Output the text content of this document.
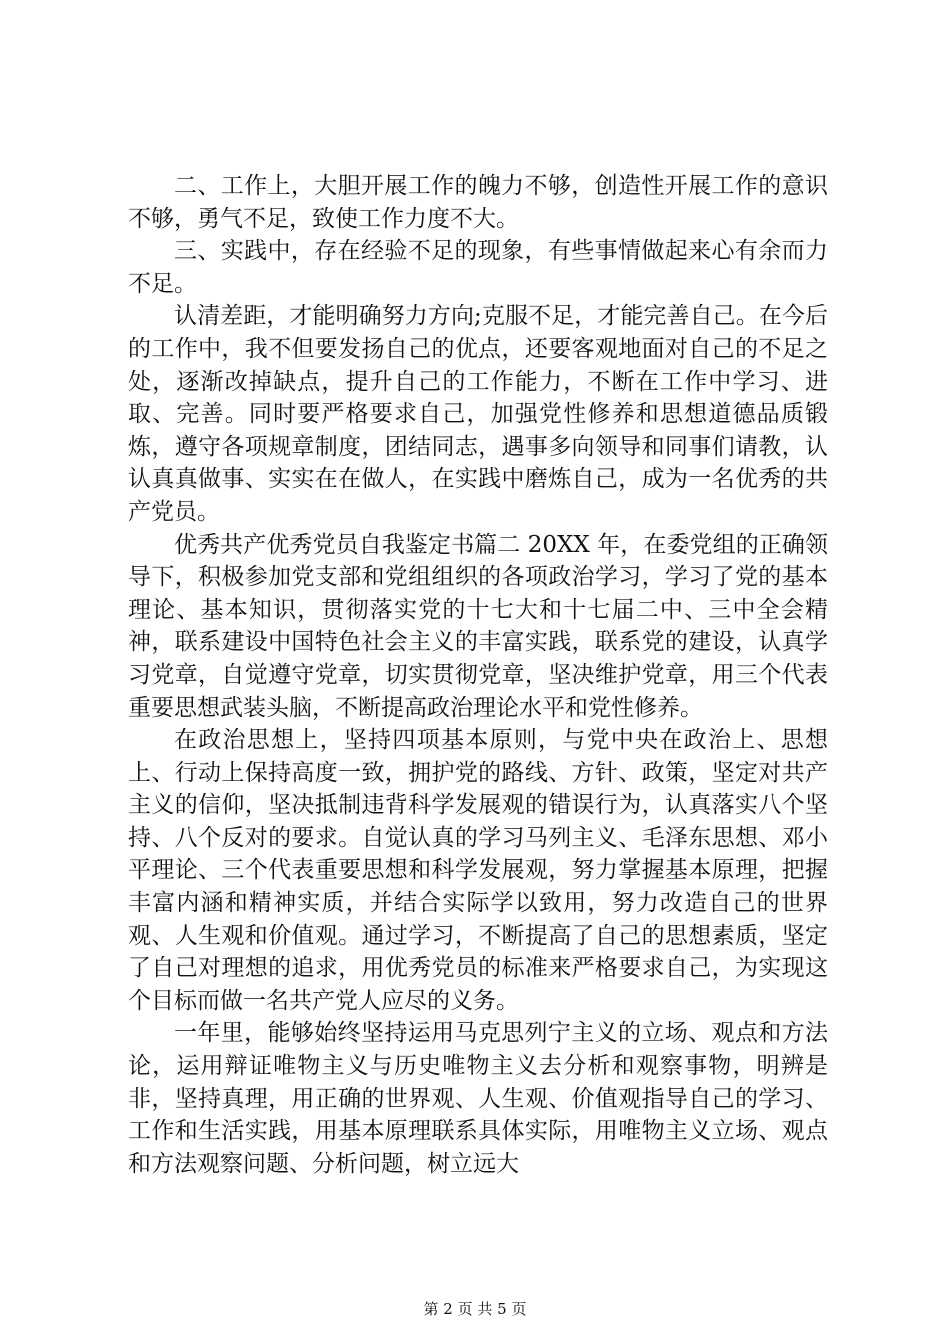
二、工作上，大胆开展工作的魄力不够，创造性开展工作的意识不够，勇气不足，致使工作力度不大。

三、实践中，存在经验不足的现象，有些事情做起来心有余而力不足。

认清差距，才能明确努力方向;克服不足，才能完善自己。在今后的工作中，我不但要发扬自己的优点，还要客观地面对自己的不足之处，逐渐改掉缺点，提升自己的工作能力，不断在工作中学习、进取、完善。同时要严格要求自己，加强党性修养和思想道德品质锻炼，遵守各项规章制度，团结同志，遇事多向领导和同事们请教，认认真真做事、实实在在做人，在实践中磨炼自己，成为一名优秀的共产党员。

优秀共产优秀党员自我鉴定书篇二 20XX 年，在委党组的正确领导下，积极参加党支部和党组组织的各项政治学习，学习了党的基本理论、基本知识，贯彻落实党的十七大和十七届二中、三中全会精神，联系建设中国特色社会主义的丰富实践，联系党的建设，认真学习党章，自觉遵守党章，切实贯彻党章，坚决维护党章，用三个代表重要思想武装头脑，不断提高政治理论水平和党性修养。

在政治思想上，坚持四项基本原则，与党中央在政治上、思想上、行动上保持高度一致，拥护党的路线、方针、政策，坚定对共产主义的信仰，坚决抵制违背科学发展观的错误行为，认真落实八个坚持、八个反对的要求。自觉认真的学习马列主义、毛泽东思想、邓小平理论、三个代表重要思想和科学发展观，努力掌握基本原理，把握丰富内涵和精神实质，并结合实际学以致用，努力改造自己的世界观、人生观和价值观。通过学习，不断提高了自己的思想素质，坚定了自己对理想的追求，用优秀党员的标准来严格要求自己，为实现这个目标而做一名共产党人应尽的义务。

一年里，能够始终坚持运用马克思列宁主义的立场、观点和方法论，运用辩证唯物主义与历史唯物主义去分析和观察事物，明辨是非，坚持真理，用正确的世界观、人生观、价值观指导自己的学习、工作和生活实践，用基本原理联系具体实际，用唯物主义立场、观点和方法观察问题、分析问题，树立远大

第 2 页 共 5 页
